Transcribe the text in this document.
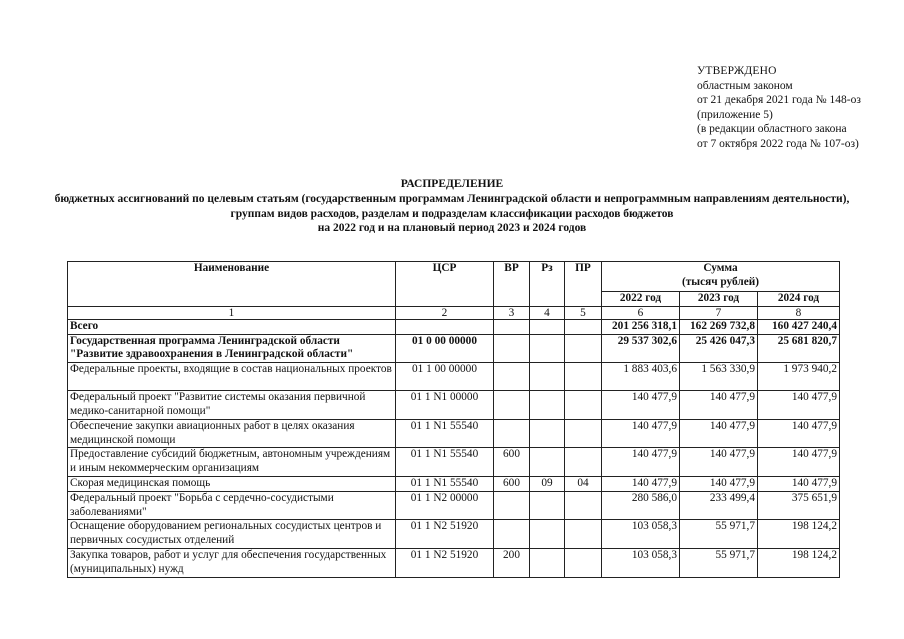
УТВЕРЖДЕНО
областным законом
от 21 декабря 2021 года № 148-оз
(приложение 5)
(в редакции областного закона
от 7 октября 2022 года № 107-оз)
РАСПРЕДЕЛЕНИЕ
бюджетных ассигнований по целевым статьям (государственным программам Ленинградской области и непрограммным направлениям деятельности),
группам видов расходов, разделам и подразделам классификации расходов бюджетов
на 2022 год и на плановый период 2023 и 2024 годов
Наименование	ЦСР	ВР	Рз	ПР	Сумма
(тысяч рублей)		

					2022 год	2023 год	2024 год
1	2	3	4	5	6	7	8
Всего					201 256 318,1	162 269 732,8	160 427 240,4
Государственная программа Ленинградской области "Развитие здравоохранения в Ленинградской области"	01 0 00 00000				29 537 302,6	25 426 047,3	25 681 820,7
Федеральные проекты, входящие в состав национальных проектов	01 1 00 00000				1 883 403,6	1 563 330,9	1 973 940,2
Федеральный проект "Развитие системы оказания первичной медико-санитарной помощи"	01 1 N1 00000				140 477,9	140 477,9	140 477,9
Обеспечение закупки авиационных работ в целях оказания медицинской помощи	01 1 N1 55540				140 477,9	140 477,9	140 477,9
Предоставление субсидий бюджетным, автономным учреждениям и иным некоммерческим организациям	01 1 N1 55540	600			140 477,9	140 477,9	140 477,9
Скорая медицинская помощь	01 1 N1 55540	600	09	04	140 477,9	140 477,9	140 477,9
Федеральный проект "Борьба с сердечно-сосудистыми заболеваниями"	01 1 N2 00000				280 586,0	233 499,4	375 651,9
Оснащение оборудованием региональных сосудистых центров и первичных сосудистых отделений	01 1 N2 51920				103 058,3	55 971,7	198 124,2
Закупка товаров, работ и услуг для обеспечения государственных (муниципальных) нужд	01 1 N2 51920	200			103 058,3	55 971,7	198 124,2
